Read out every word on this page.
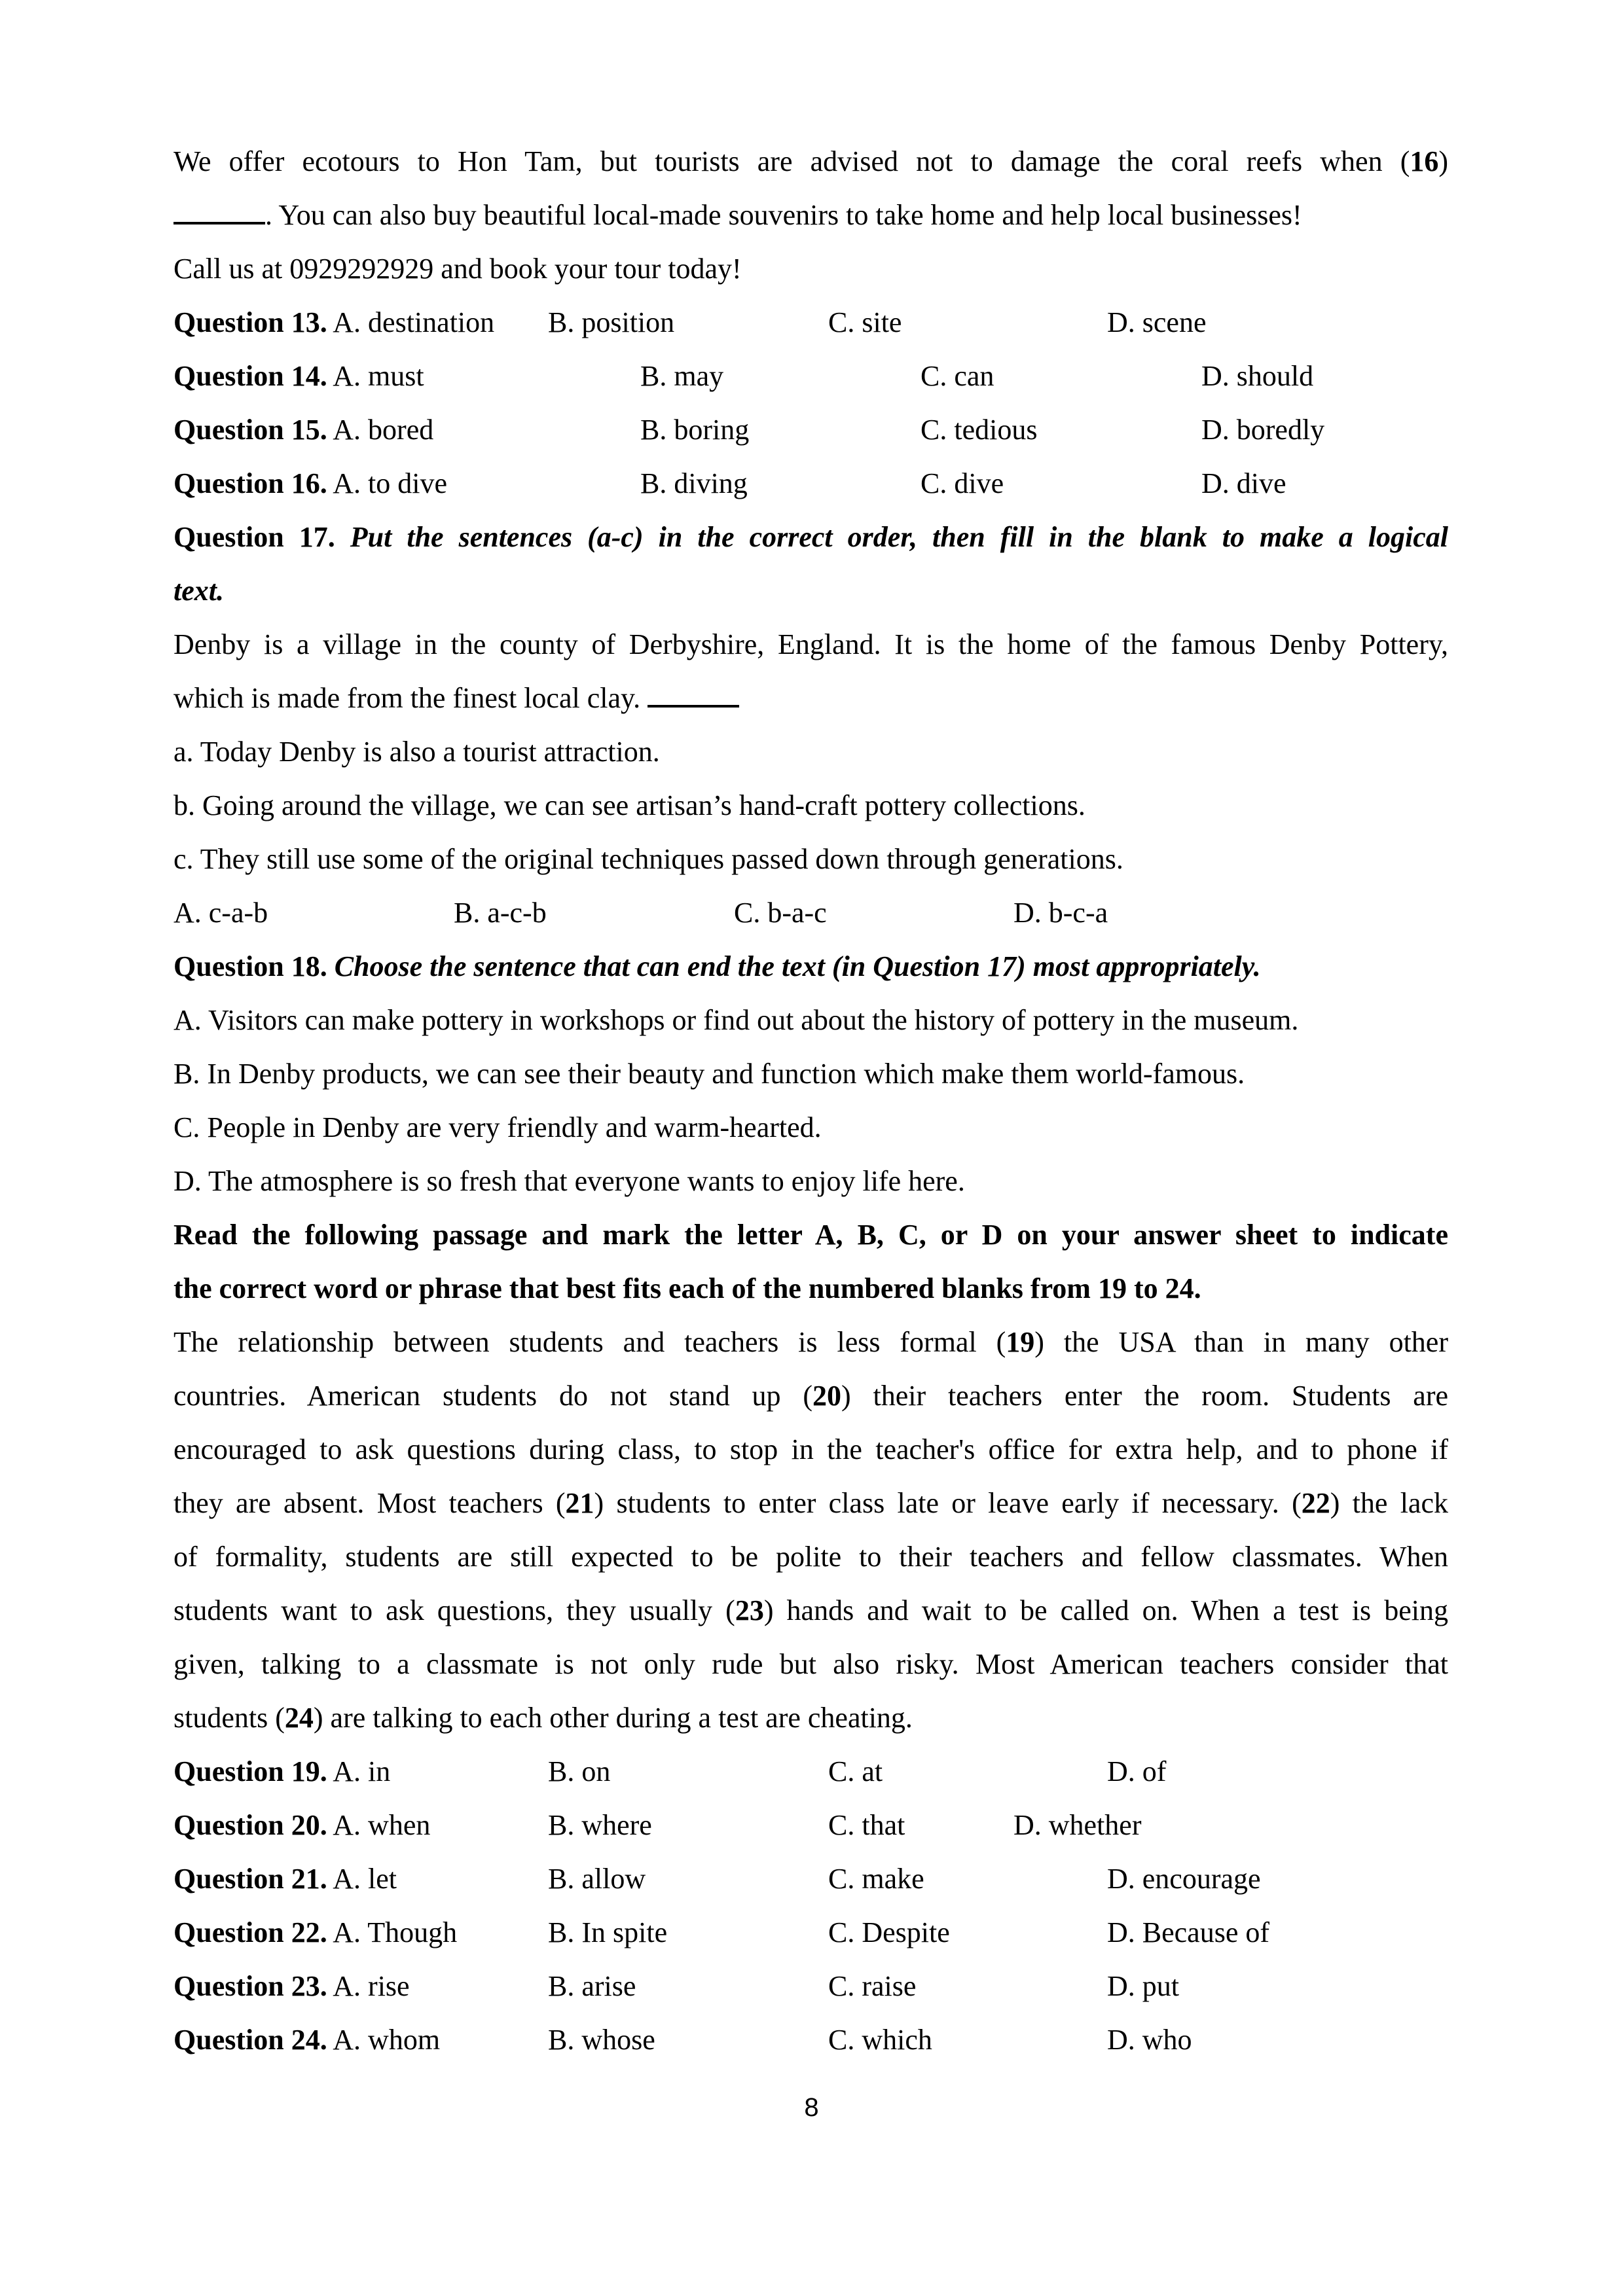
We offer ecotours to Hon Tam, but tourists are advised not to damage the coral reefs when (16)
. You can also buy beautiful local-made souvenirs to take home and help local businesses!
Call us at 0929292929 and book your tour today!
Question 13. A. destination B. position	C. site	D. scene
Question 14. A. must	B. may	C. can	D. should
Question 15. A. bored	B. boring	C. tedious	D. boredly
Question 16. A. to dive	B. diving	C. dive	D. dive
Question 17. Put the sentences (a-c) in the correct order, then fill in the blank to make a logical
text.
Denby is a village in the county of Derbyshire, England. It is the home of the famous Denby Pottery,
which is made from the finest local clay.
a. Today Denby is also a tourist attraction.
b. Going around the village, we can see artisan’s hand-craft pottery collections.
c. They still use some of the original techniques passed down through generations.
A. c-a-b	B. a-c-b	C. b-a-c	D. b-c-a
Question 18. Choose the sentence that can end the text (in Question 17) most appropriately.
A. Visitors can make pottery in workshops or find out about the history of pottery in the museum.
B. In Denby products, we can see their beauty and function which make them world-famous.
C. People in Denby are very friendly and warm-hearted.
D. The atmosphere is so fresh that everyone wants to enjoy life here.
Read the following passage and mark the letter A, B, C, or D on your answer sheet to indicate
the correct word or phrase that best fits each of the numbered blanks from 19 to 24.
The relationship between students and teachers is less formal (19) the USA than in many other
countries. American students do not stand up (20) their teachers enter the room. Students are
encouraged to ask questions during class, to stop in the teacher's office for extra help, and to phone if
they are absent. Most teachers (21) students to enter class late or leave early if necessary. (22) the lack
of formality, students are still expected to be polite to their teachers and fellow classmates. When
students want to ask questions, they usually (23) hands and wait to be called on. When a test is being
given, talking to a classmate is not only rude but also risky. Most American teachers consider that
students (24) are talking to each other during a test are cheating.
Question 19. A. in	B. on	C. at	D. of
Question 20. A. when	B. where	C. that	D. whether
Question 21. A. let	B. allow	C. make	D. encourage
Question 22. A. Though	B. In spite	C. Despite	D. Because of
Question 23. A. rise	B. arise	C. raise	D. put
Question 24. A. whom	B. whose	C. which	D. who
8
